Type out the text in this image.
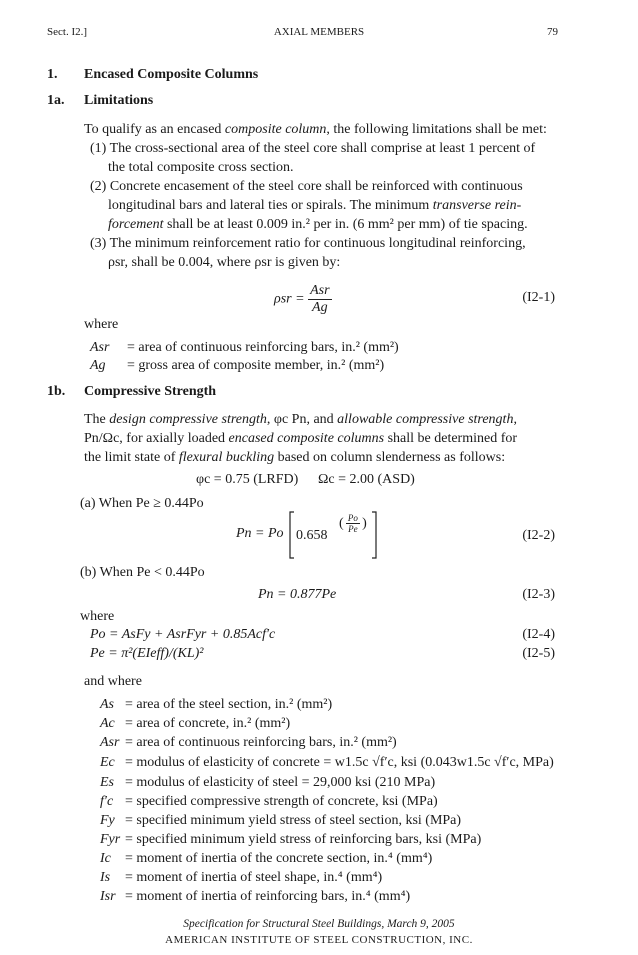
Sect. I2.]	AXIAL MEMBERS	79
1. Encased Composite Columns
1a. Limitations
To qualify as an encased composite column, the following limitations shall be met:
(1) The cross-sectional area of the steel core shall comprise at least 1 percent of
the total composite cross section.
(2) Concrete encasement of the steel core shall be reinforced with continuous
longitudinal bars and lateral ties or spirals. The minimum transverse rein-
forcement shall be at least 0.009 in.² per in. (6 mm² per mm) of tie spacing.
(3) The minimum reinforcement ratio for continuous longitudinal reinforcing,
ρsr, shall be 0.004, where ρsr is given by:
$\rho sr = \frac{\text{Asr}}{Ag}$	(I2-1)
where
Asr = area of continuous reinforcing bars, in.² (mm²)
Ag = gross area of composite member, in.² (mm²)
1b. Compressive Strength
The design compressive strength, φc Pn, and allowable compressive strength,
Pn/Ωc, for axially loaded encased composite columns shall be determined for
the limit state of flexural buckling based on column slenderness as follows:
φc = 0.75 (LRFD) Ωc = 2.00 (ASD)
(a) When Pe ≥ 0.44Po
Pn = Po 0.658
( $\frac{Po}{Pe}$ )
(I2-2)
(b) When Pe < 0.44Po
Pn = 0.877Pe	(I2-3)
where
Po = AsFy + AsrFyr + 0.85Acf′c	(I2-4)
Pe = π²(EIeff)/(KL)²	(I2-5)
and where
As = area of the steel section, in.² (mm²)
Ac = area of concrete, in.² (mm²)
Asr = area of continuous reinforcing bars, in.² (mm²)
Ec = modulus of elasticity of concrete = w1.5c √f′c, ksi (0.043w1.5c √f′c, MPa)
Es = modulus of elasticity of steel = 29,000 ksi (210 MPa)
f′c = specified compressive strength of concrete, ksi (MPa)
Fy = specified minimum yield stress of steel section, ksi (MPa)
Fyr = specified minimum yield stress of reinforcing bars, ksi (MPa)
Ic = moment of inertia of the concrete section, in.⁴ (mm⁴)
Is = moment of inertia of steel shape, in.⁴ (mm⁴)
Isr = moment of inertia of reinforcing bars, in.⁴ (mm⁴)
Specification for Structural Steel Buildings, March 9, 2005
AMERICAN INSTITUTE OF STEEL CONSTRUCTION, INC.
